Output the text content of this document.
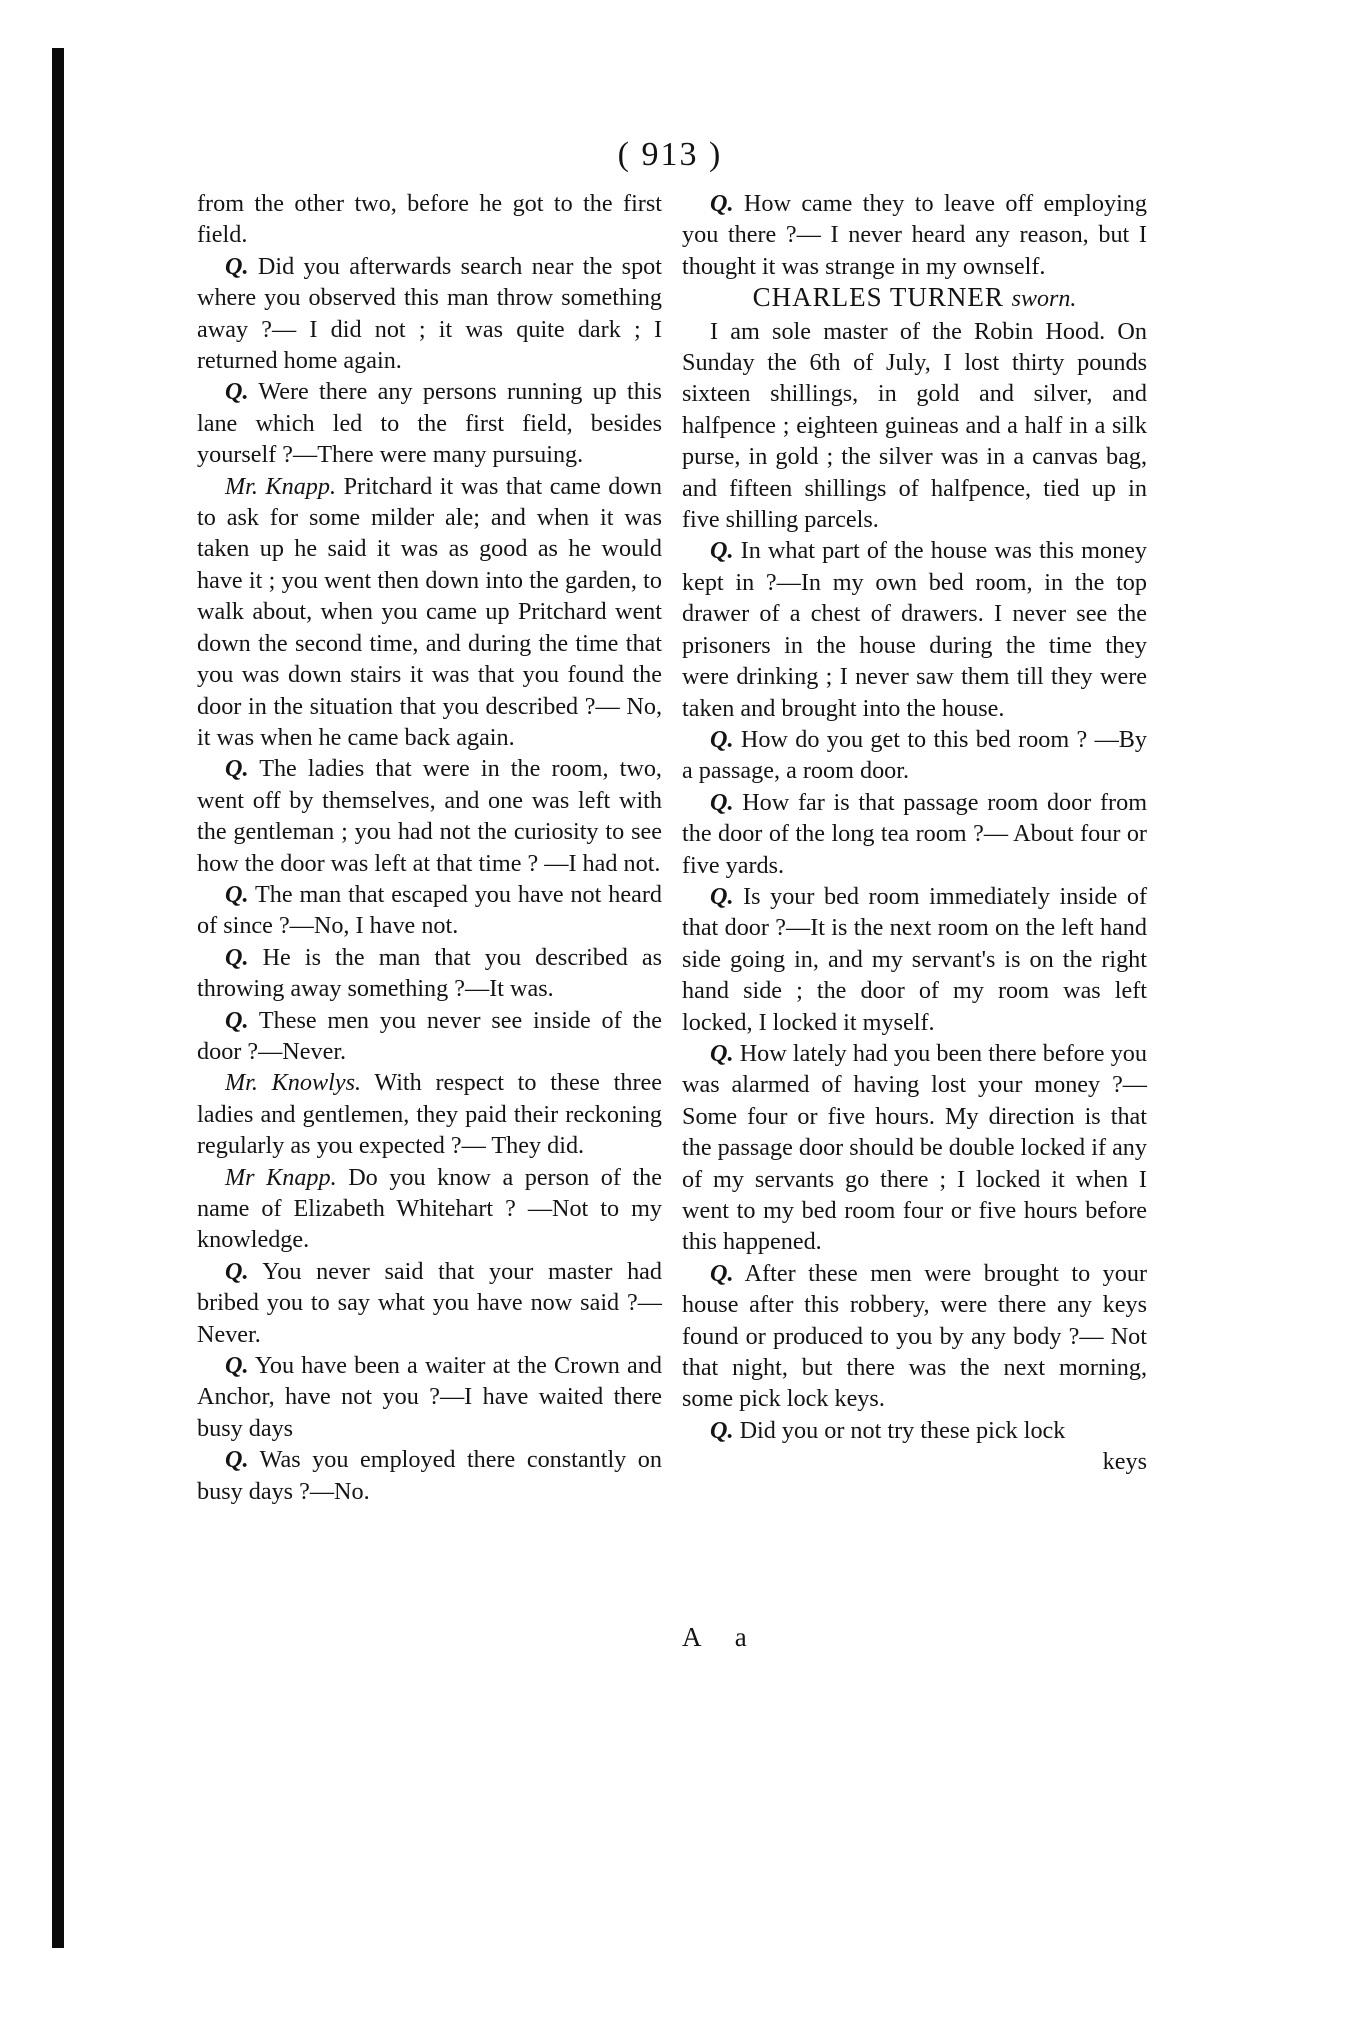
( 913 )

from the other two, before he got to the first field.

Q. Did you afterwards search near the spot where you observed this man throw something away ?— I did not ; it was quite dark ; I returned home again.

Q. Were there any persons running up this lane which led to the first field, besides yourself ?—There were many pursuing.

Mr. Knapp. Pritchard it was that came down to ask for some milder ale; and when it was taken up he said it was as good as he would have it ; you went then down into the garden, to walk about, when you came up Pritchard went down the second time, and during the time that you was down stairs it was that you found the door in the situation that you described ?— No, it was when he came back again.

Q. The ladies that were in the room, two, went off by themselves, and one was left with the gentleman ; you had not the curiosity to see how the door was left at that time ? —I had not.

Q. The man that escaped you have not heard of since ?—No, I have not.

Q. He is the man that you described as throwing away something ?—It was.

Q. These men you never see inside of the door ?—Never.

Mr. Knowlys. With respect to these three ladies and gentlemen, they paid their reckoning regularly as you expected ?— They did.

Mr Knapp. Do you know a person of the name of Elizabeth Whitehart ? —Not to my knowledge.

Q. You never said that your master had bribed you to say what you have now said ?—Never.

Q. You have been a waiter at the Crown and Anchor, have not you ?—I have waited there busy days

Q. Was you employed there constantly on busy days ?—No.

Q. How came they to leave off employing you there ?— I never heard any reason, but I thought it was strange in my ownself.

CHARLES TURNER sworn.

I am sole master of the Robin Hood. On Sunday the 6th of July, I lost thirty pounds sixteen shillings, in gold and silver, and halfpence ; eighteen guineas and a half in a silk purse, in gold ; the silver was in a canvas bag, and fifteen shillings of halfpence, tied up in five shilling parcels.

Q. In what part of the house was this money kept in ?—In my own bed room, in the top drawer of a chest of drawers. I never see the prisoners in the house during the time they were drinking ; I never saw them till they were taken and brought into the house.

Q. How do you get to this bed room ? —By a passage, a room door.

Q. How far is that passage room door from the door of the long tea room ?— About four or five yards.

Q. Is your bed room immediately inside of that door ?—It is the next room on the left hand side going in, and my servant's is on the right hand side ; the door of my room was left locked, I locked it myself.

Q. How lately had you been there before you was alarmed of having lost your money ?—Some four or five hours. My direction is that the passage door should be double locked if any of my servants go there ; I locked it when I went to my bed room four or five hours before this happened.

Q. After these men were brought to your house after this robbery, were there any keys found or produced to you by any body ?— Not that night, but there was the next morning, some pick lock keys.

Q. Did you or not try these pick lock

keys

A a
